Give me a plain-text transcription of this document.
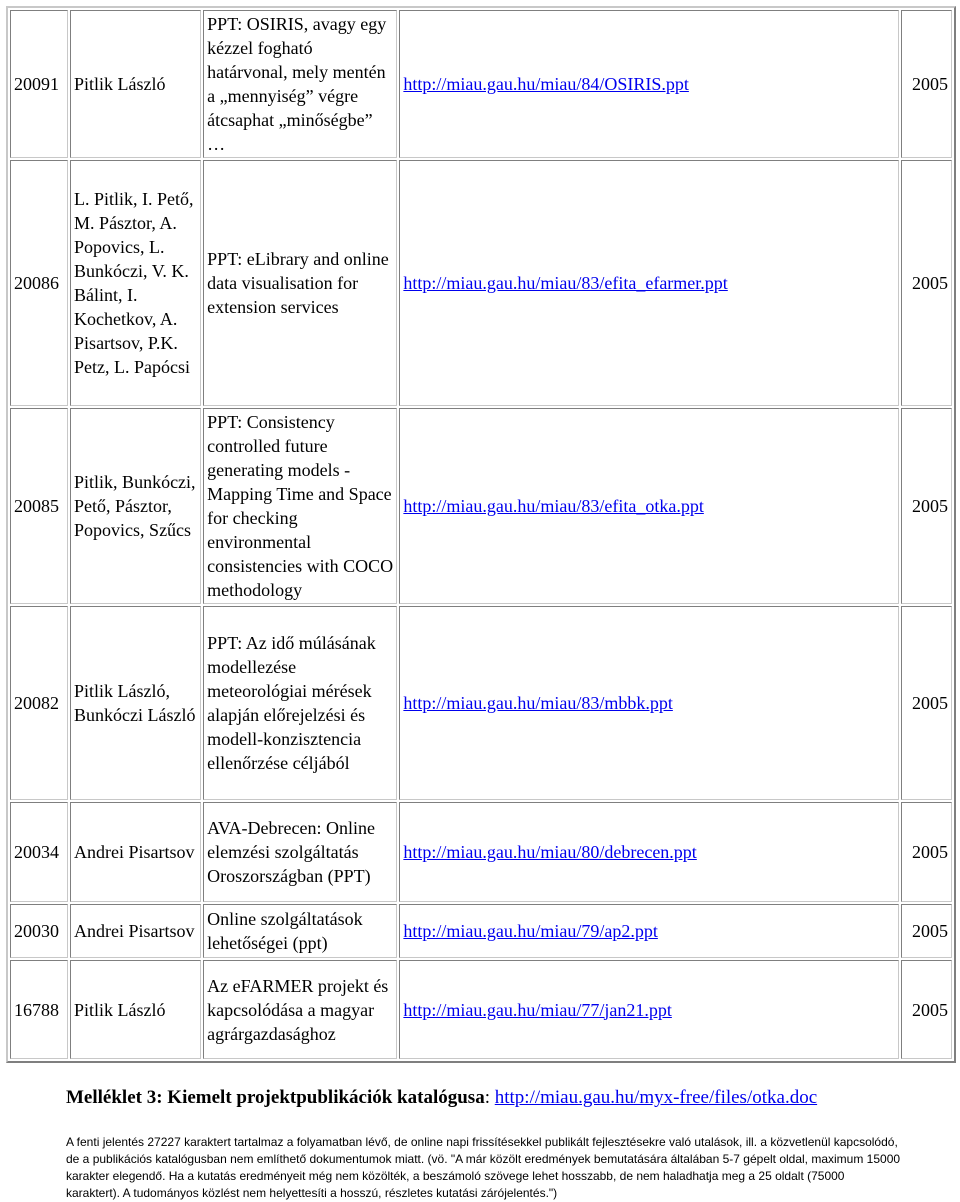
20091	Pitlik László	PPT: OSIRIS, avagy egy kézzel fogható határvonal, mely mentén a „mennyiség” végre átcsaphat „minőségbe” …	http://miau.gau.hu/miau/84/OSIRIS.ppt	2005
20086	L. Pitlik, I. Pető, M. Pásztor, A. Popovics, L. Bunkóczi, V. K. Bálint, I. Kochetkov, A. Pisartsov, P.K. Petz, L. Papócsi	PPT: eLibrary and online data visualisation for extension services	http://miau.gau.hu/miau/83/efita_efarmer.ppt	2005
20085	Pitlik, Bunkóczi, Pető, Pásztor, Popovics, Szűcs	PPT: Consistency controlled future generating models - Mapping Time and Space for checking environmental consistencies with COCO methodology	http://miau.gau.hu/miau/83/efita_otka.ppt	2005
20082	Pitlik László, Bunkóczi László	PPT: Az idő múlásának modellezése meteorológiai mérések alapján előrejelzési és modell-konzisztencia ellenőrzése céljából	http://miau.gau.hu/miau/83/mbbk.ppt	2005
20034	Andrei Pisartsov	AVA-Debrecen: Online elemzési szolgáltatás Oroszországban (PPT)	http://miau.gau.hu/miau/80/debrecen.ppt	2005
20030	Andrei Pisartsov	Online szolgáltatások lehetőségei (ppt)	http://miau.gau.hu/miau/79/ap2.ppt	2005
16788	Pitlik László	Az eFARMER projekt és kapcsolódása a magyar agrárgazdasághoz	http://miau.gau.hu/miau/77/jan21.ppt	2005
Melléklet 3: Kiemelt projektpublikációk katalógusa: http://miau.gau.hu/myx-free/files/otka.doc
A fenti jelentés 27227 karaktert tartalmaz a folyamatban lévő, de online napi frissítésekkel publikált fejlesztésekre való utalások, ill. a közvetlenül kapcsolódó, de a publikációs katalógusban nem említhető dokumentumok miatt. (vö. "A már közölt eredmények bemutatására általában 5-7 gépelt oldal, maximum 15000 karakter elegendő. Ha a kutatás eredményeit még nem közölték, a beszámoló szövege lehet hosszabb, de nem haladhatja meg a 25 oldalt (75000 karaktert). A tudományos közlést nem helyettesíti a hosszú, részletes kutatási zárójelentés.")
